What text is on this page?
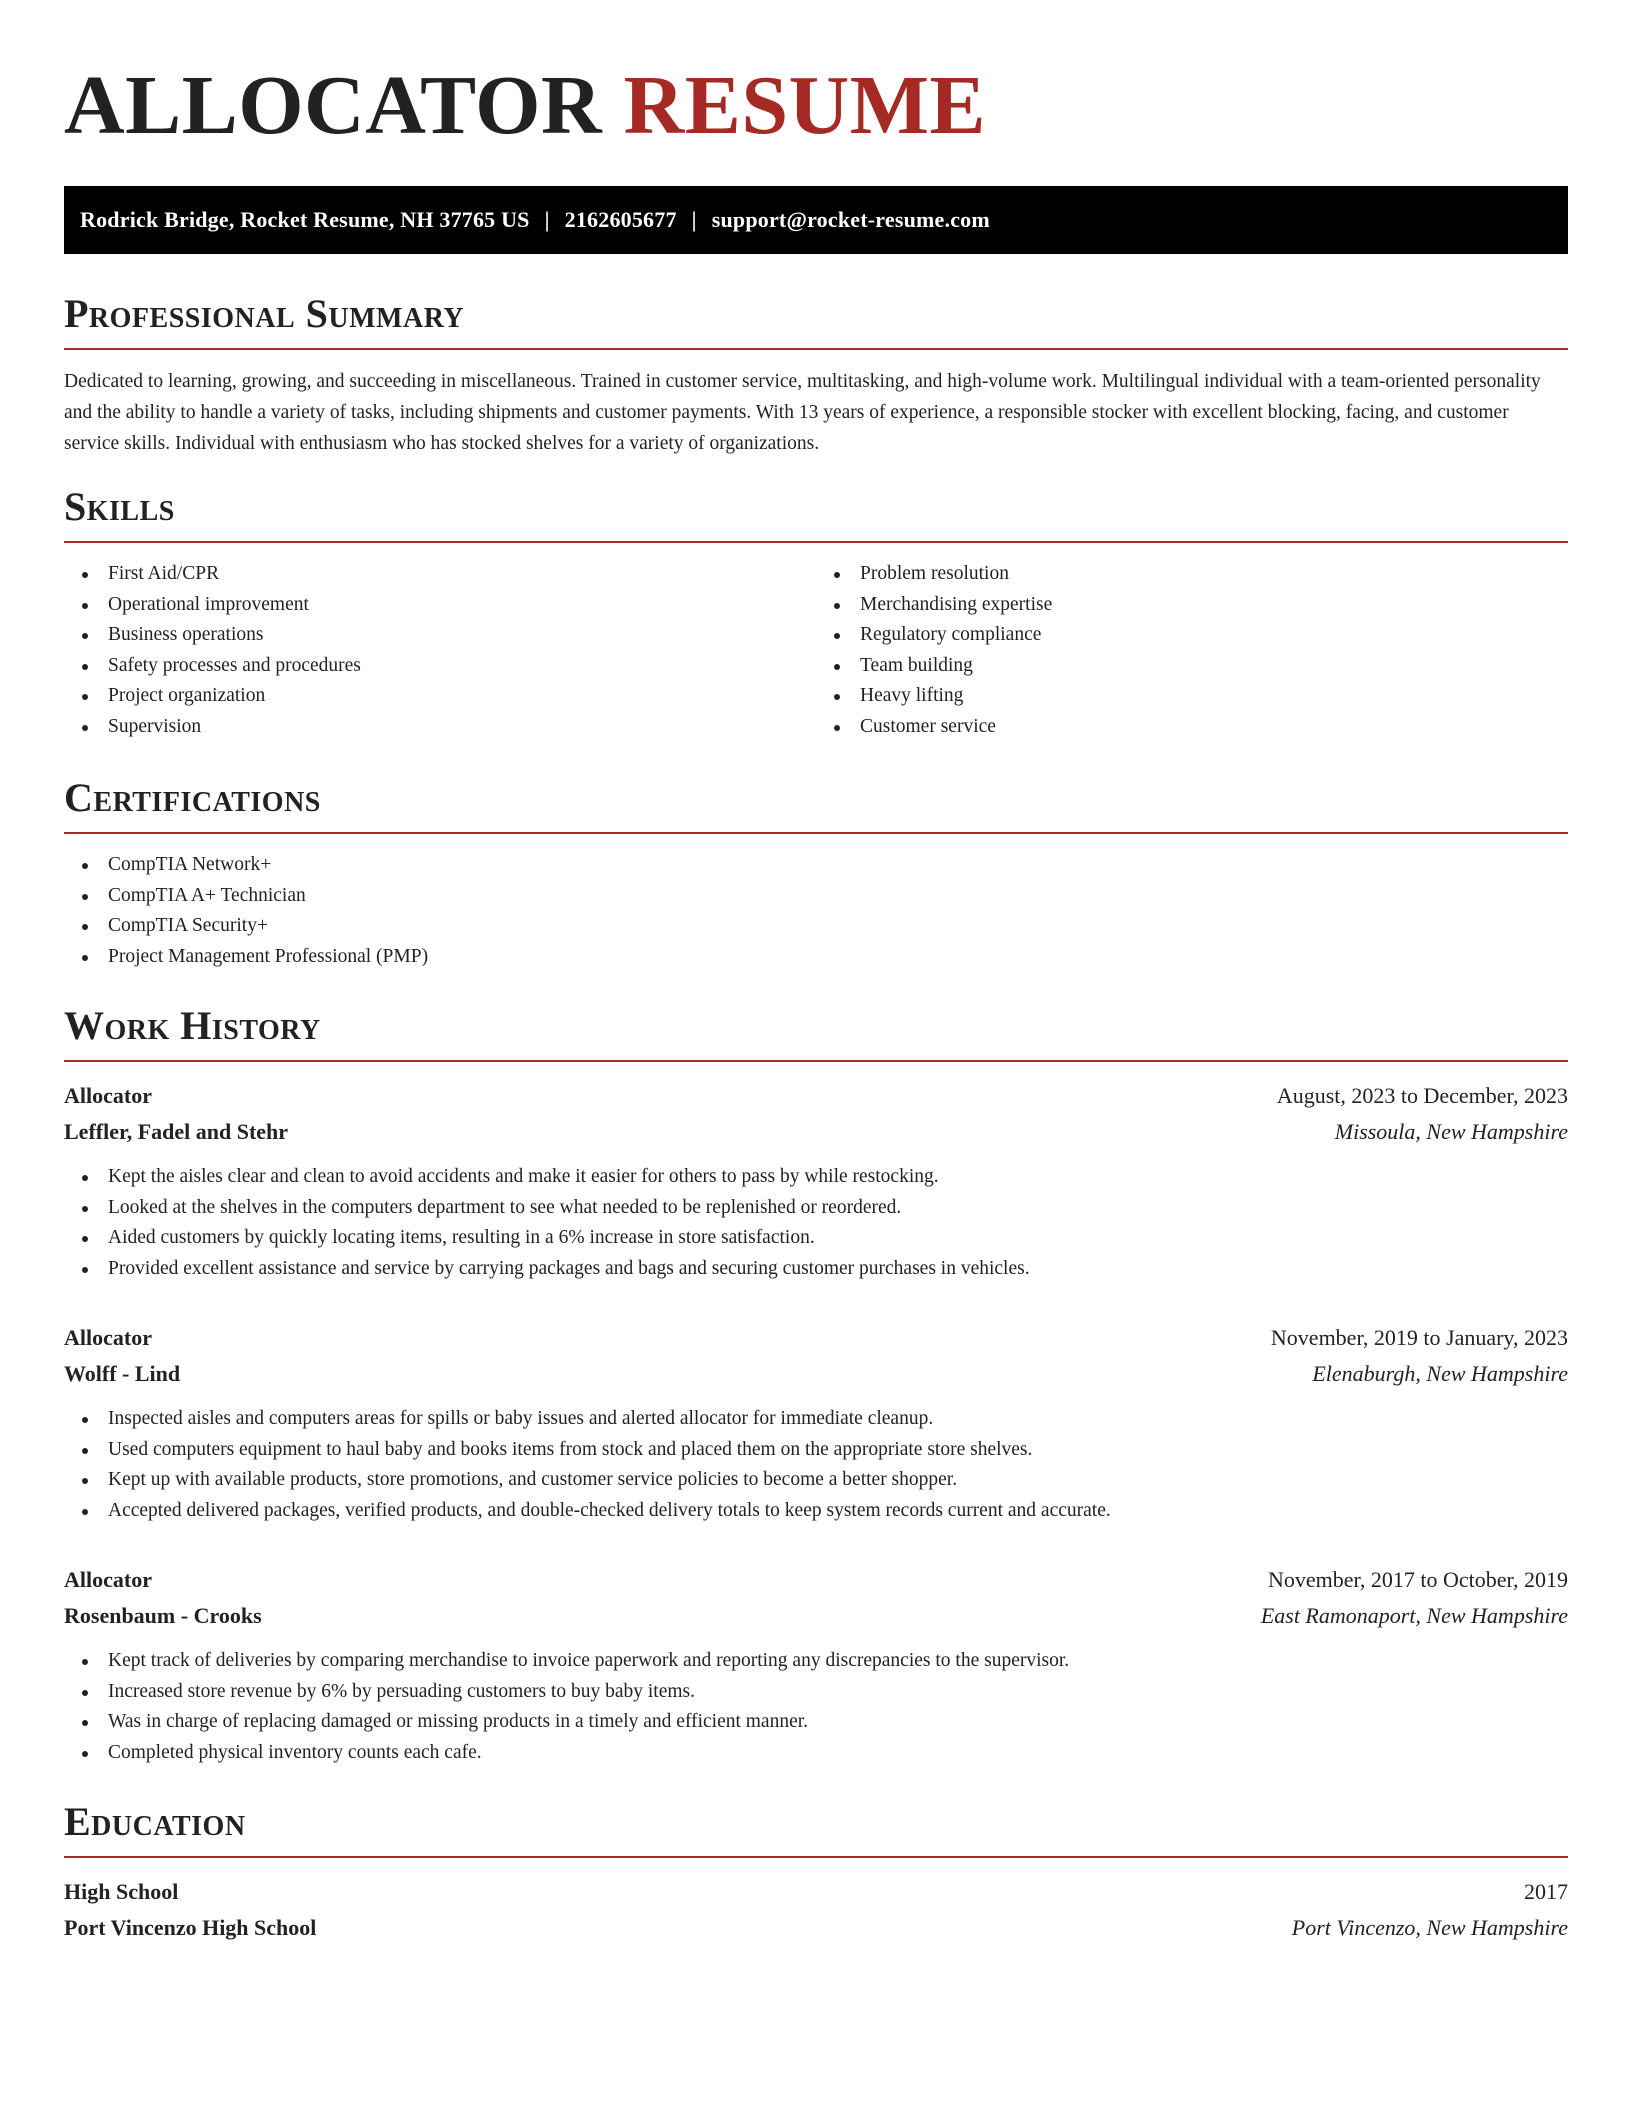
ALLOCATOR RESUME
Rodrick Bridge, Rocket Resume, NH 37765 US | 2162605677 | support@rocket-resume.com
Professional Summary

Dedicated to learning, growing, and succeeding in miscellaneous. Trained in customer service, multitasking, and high-volume work. Multilingual individual with a team-oriented personality and the ability to handle a variety of tasks, including shipments and customer payments. With 13 years of experience, a responsible stocker with excellent blocking, facing, and customer service skills. Individual with enthusiasm who has stocked shelves for a variety of organizations.

Skills
First Aid/CPR
Operational improvement
Business operations
Safety processes and procedures
Project organization
Supervision
Problem resolution
Merchandising expertise
Regulatory compliance
Team building
Heavy lifting
Customer service
Certifications
CompTIA Network+
CompTIA A+ Technician
CompTIA Security+
Project Management Professional (PMP)
Work History
Allocator	August, 2023 to December, 2023
Leffler, Fadel and Stehr	Missoula, New Hampshire
Kept the aisles clear and clean to avoid accidents and make it easier for others to pass by while restocking.
Looked at the shelves in the computers department to see what needed to be replenished or reordered.
Aided customers by quickly locating items, resulting in a 6% increase in store satisfaction.
Provided excellent assistance and service by carrying packages and bags and securing customer purchases in vehicles.
Allocator	November, 2019 to January, 2023
Wolff - Lind	Elenaburgh, New Hampshire
Inspected aisles and computers areas for spills or baby issues and alerted allocator for immediate cleanup.
Used computers equipment to haul baby and books items from stock and placed them on the appropriate store shelves.
Kept up with available products, store promotions, and customer service policies to become a better shopper.
Accepted delivered packages, verified products, and double-checked delivery totals to keep system records current and accurate.
Allocator	November, 2017 to October, 2019
Rosenbaum - Crooks	East Ramonaport, New Hampshire
Kept track of deliveries by comparing merchandise to invoice paperwork and reporting any discrepancies to the supervisor.
Increased store revenue by 6% by persuading customers to buy baby items.
Was in charge of replacing damaged or missing products in a timely and efficient manner.
Completed physical inventory counts each cafe.
Education
High School	2017
Port Vincenzo High School	Port Vincenzo, New Hampshire
